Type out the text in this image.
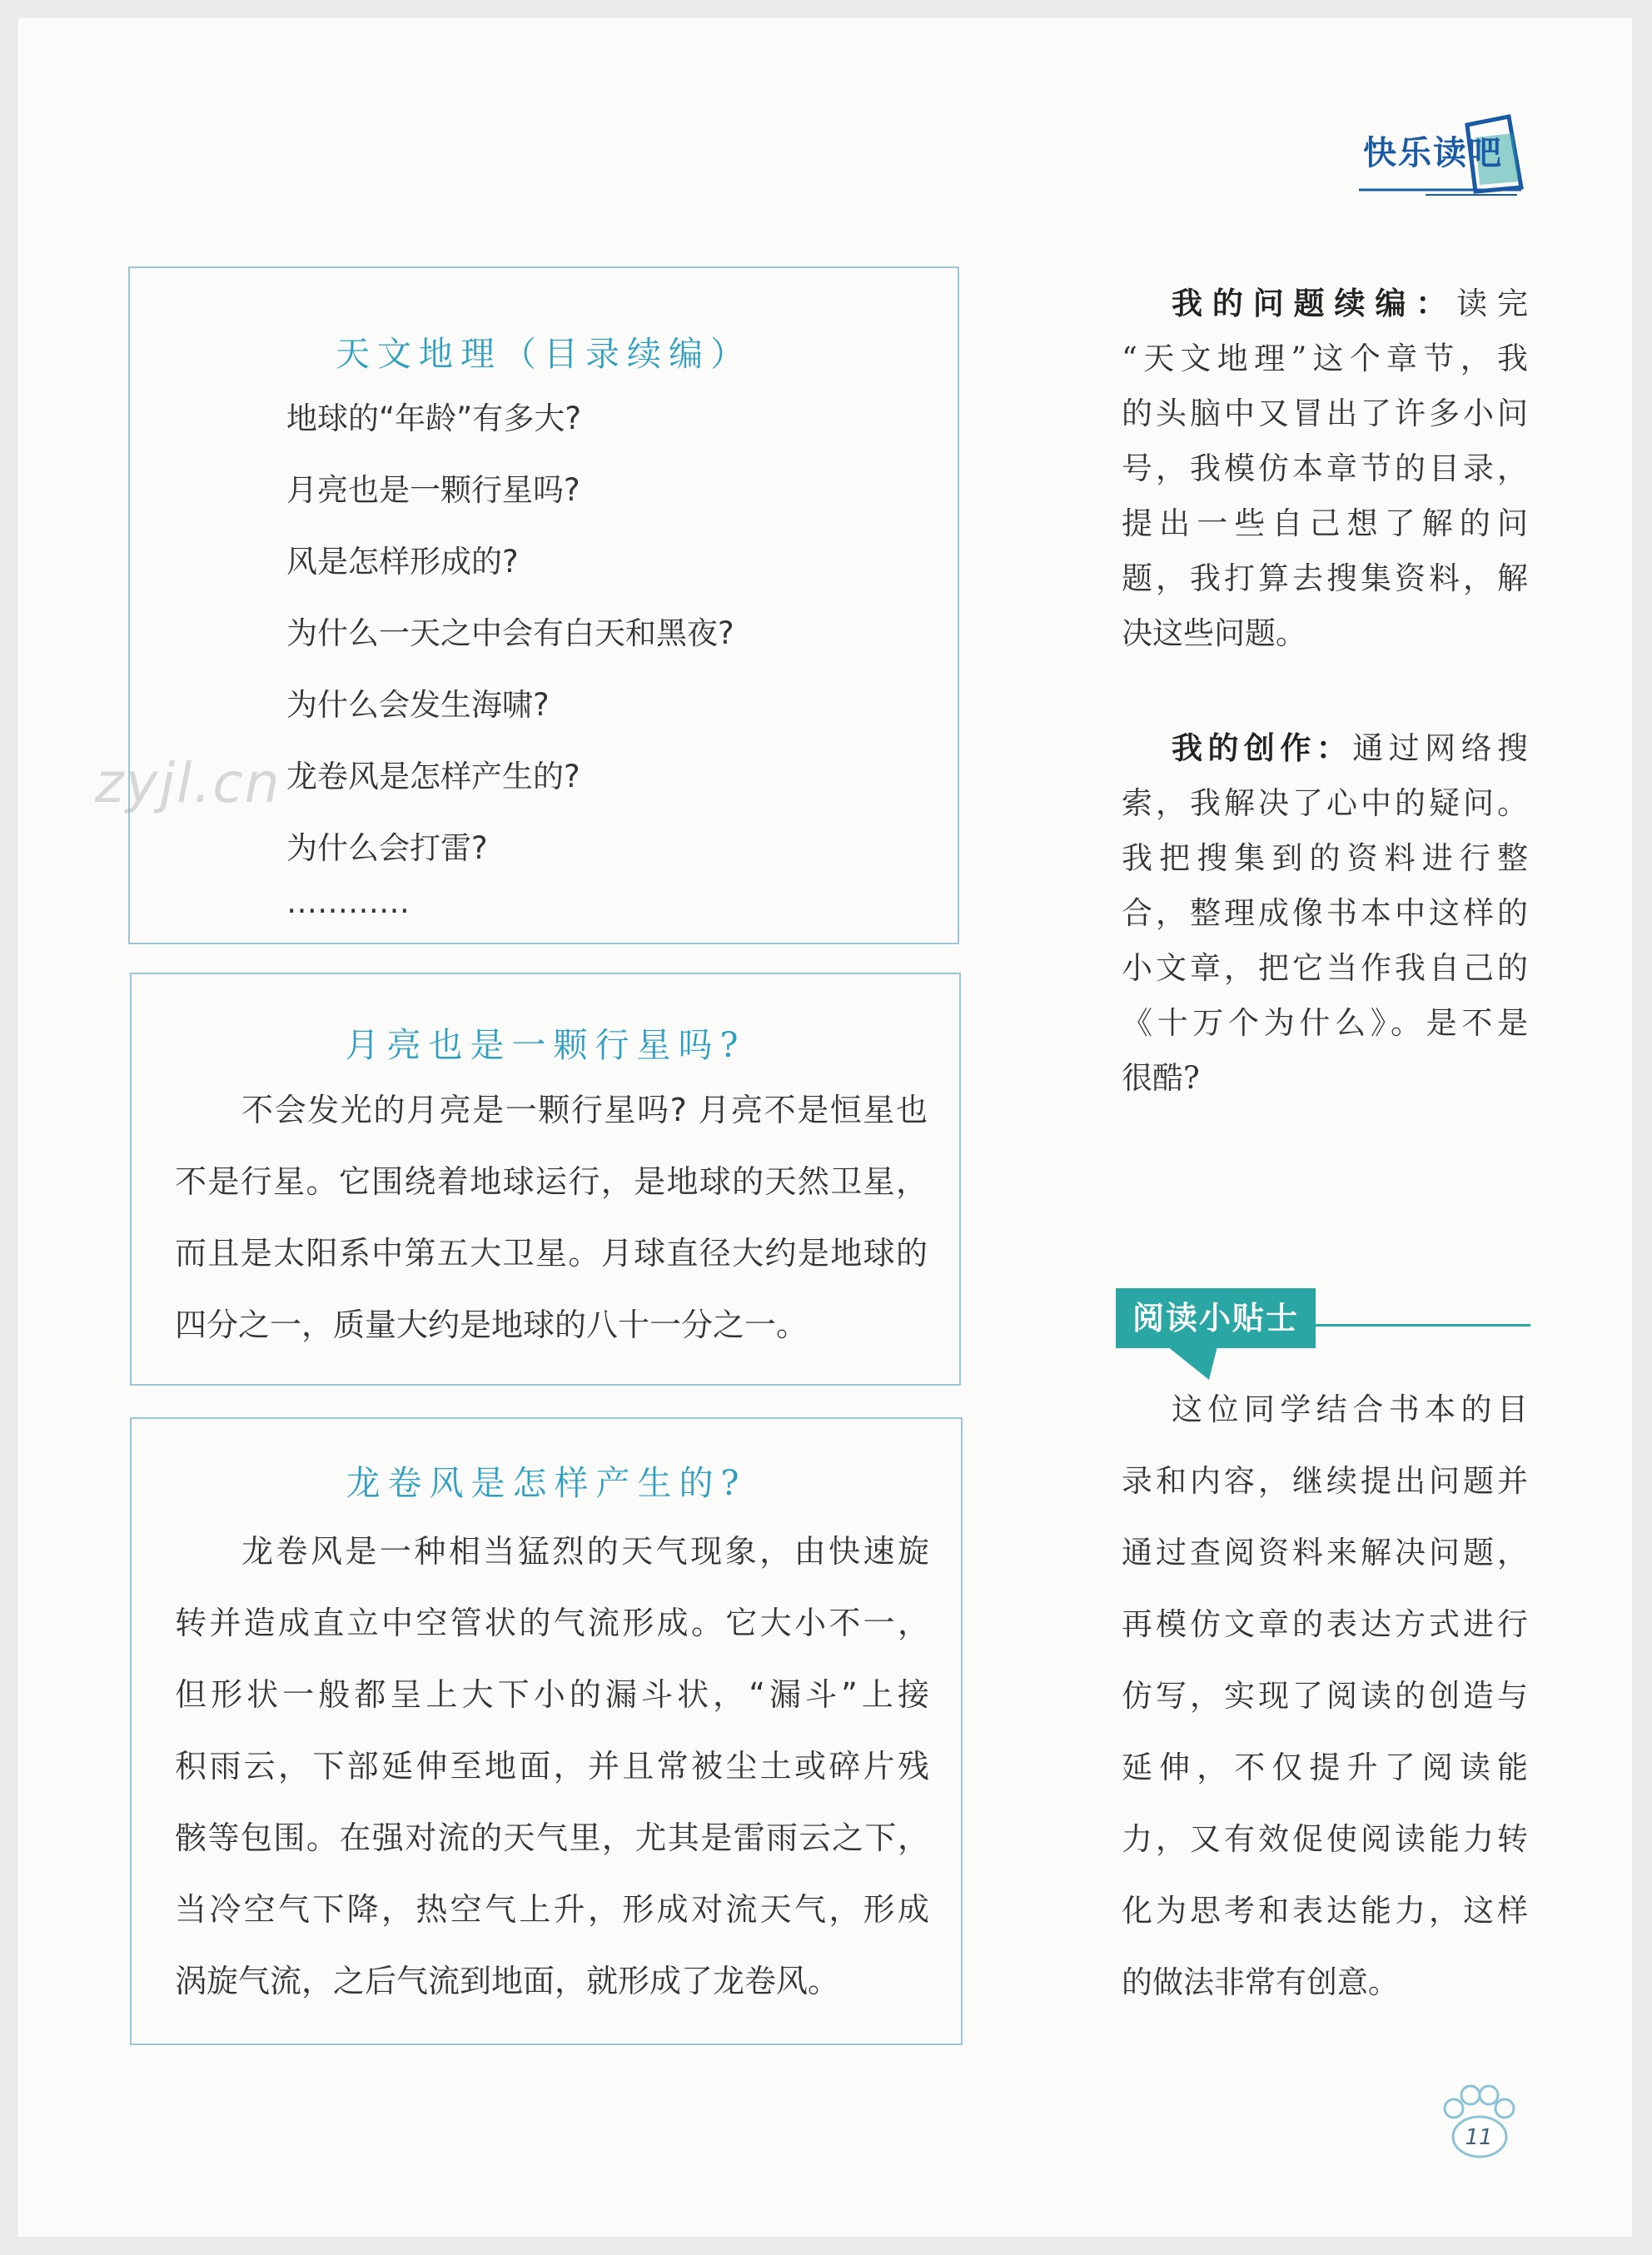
快乐读吧
天文地理（目录续编）
地球的“年龄”有多大?
月亮也是一颗行星吗?
风是怎样形成的?
为什么一天之中会有白天和黑夜?
为什么会发生海啸?
龙卷风是怎样产生的?
为什么会打雷?
…………
月亮也是一颗行星吗?
不会发光的月亮是一颗行星吗? 月亮不是恒星也
不是行星。它围绕着地球运行，是地球的天然卫星，
而且是太阳系中第五大卫星。月球直径大约是地球的
四分之一，质量大约是地球的八十一分之一。
龙卷风是怎样产生的?
龙卷风是一种相当猛烈的天气现象，由快速旋
转并造成直立中空管状的气流形成。它大小不一，
但形状一般都呈上大下小的漏斗状，“漏斗”上接
积雨云，下部延伸至地面，并且常被尘土或碎片残
骸等包围。在强对流的天气里，尤其是雷雨云之下，
当冷空气下降，热空气上升，形成对流天气，形成
涡旋气流，之后气流到地面，就形成了龙卷风。
zyjl.cn
我的问题续编：读完
“天文地理”这个章节，我
的头脑中又冒出了许多小问
号，我模仿本章节的目录，
提出一些自己想了解的问
题，我打算去搜集资料，解
决这些问题。
我的创作：通过网络搜
索，我解决了心中的疑问。
我把搜集到的资料进行整
合，整理成像书本中这样的
小文章，把它当作我自己的
《十万个为什么》。是不是
很酷?
阅读小贴士
这位同学结合书本的目
录和内容，继续提出问题并
通过查阅资料来解决问题，
再模仿文章的表达方式进行
仿写，实现了阅读的创造与
延伸，不仅提升了阅读能
力，又有效促使阅读能力转
化为思考和表达能力，这样
的做法非常有创意。
11
